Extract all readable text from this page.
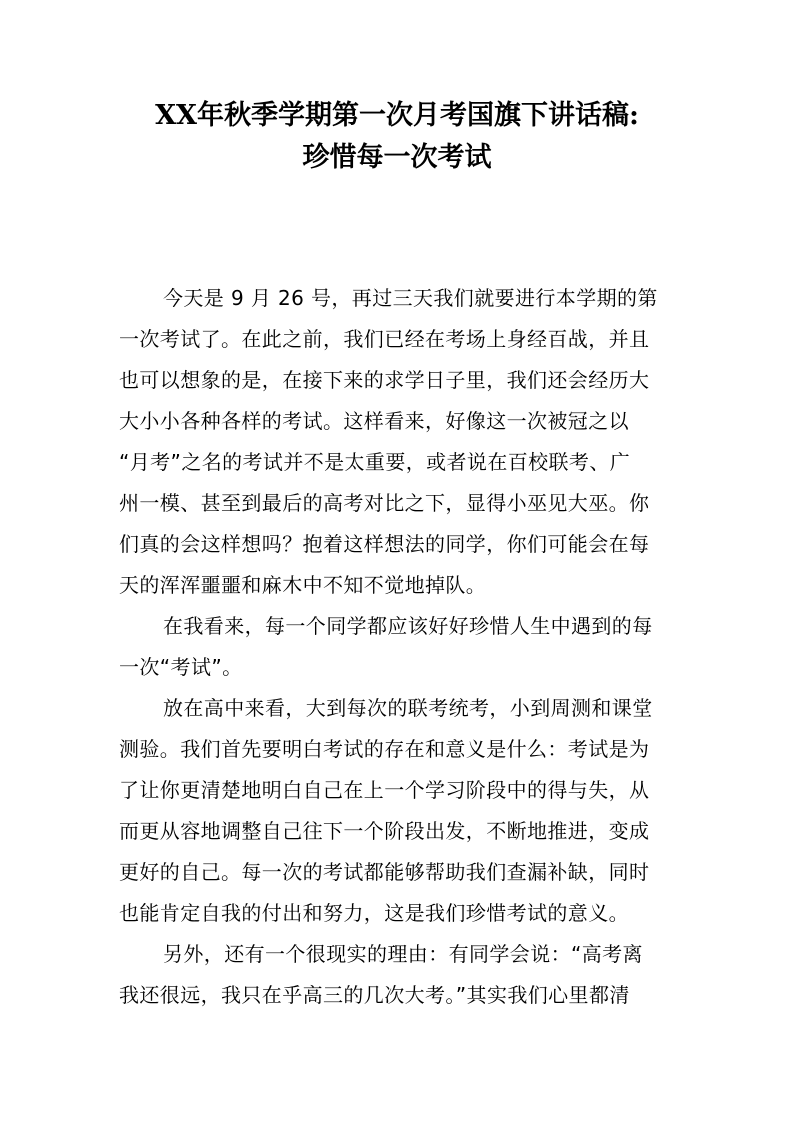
XX年秋季学期第一次月考国旗下讲话稿:
珍惜每一次考试
今天是 9 月 26 号，再过三天我们就要进行本学期的第
一次考试了。在此之前，我们已经在考场上身经百战，并且
也可以想象的是，在接下来的求学日子里，我们还会经历大
大小小各种各样的考试。这样看来，好像这一次被冠之以
“月考”之名的考试并不是太重要，或者说在百校联考、广
州一模、甚至到最后的高考对比之下，显得小巫见大巫。你
们真的会这样想吗？抱着这样想法的同学，你们可能会在每
天的浑浑噩噩和麻木中不知不觉地掉队。
在我看来，每一个同学都应该好好珍惜人生中遇到的每
一次“考试”。
放在高中来看，大到每次的联考统考，小到周测和课堂
测验。我们首先要明白考试的存在和意义是什么：考试是为
了让你更清楚地明白自己在上一个学习阶段中的得与失，从
而更从容地调整自己往下一个阶段出发，不断地推进，变成
更好的自己。每一次的考试都能够帮助我们查漏补缺，同时
也能肯定自我的付出和努力，这是我们珍惜考试的意义。
另外，还有一个很现实的理由：有同学会说：“高考离
我还很远，我只在乎高三的几次大考。”其实我们心里都清
